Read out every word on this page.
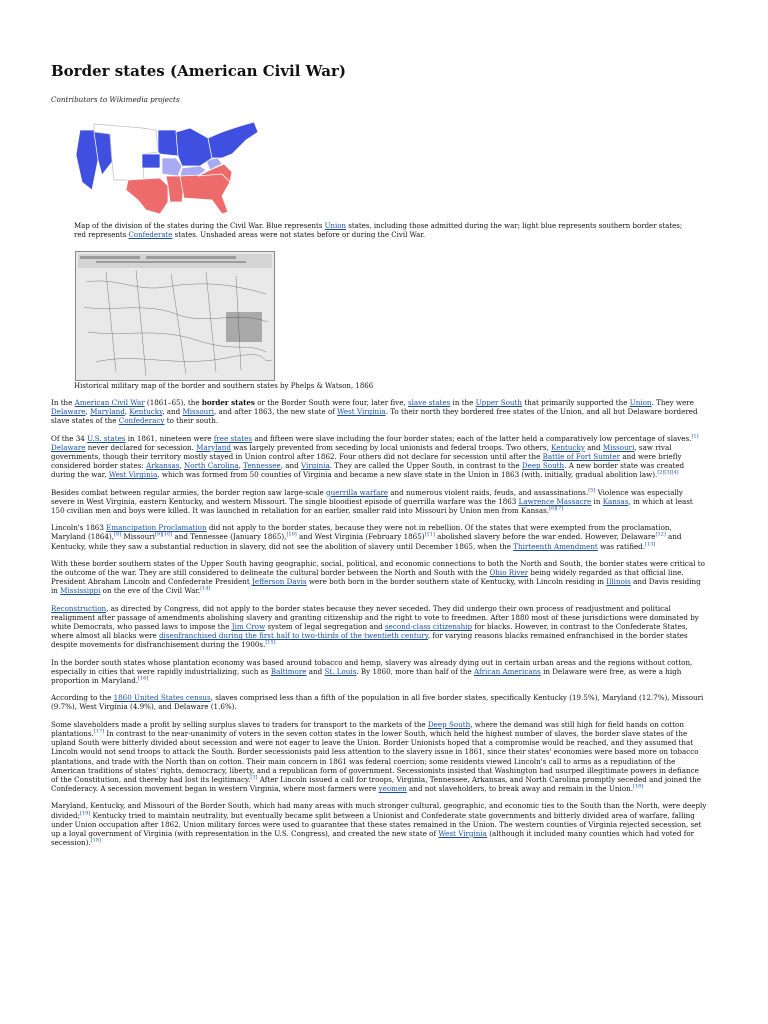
Border states (American Civil War)
Contributors to Wikimedia projects
Map of the division of the states during the Civil War. Blue represents Union states, including those admitted during the war; light blue represents southern border states; red represents Confederate states. Unshaded areas were not states before or during the Civil War.
Historical military map of the border and southern states by Phelps & Watson, 1866

In the American Civil War (1861–65), the border states or the Border South were four, later five, slave states in the Upper South that primarily supported the Union. They were Delaware, Maryland, Kentucky, and Missouri, and after 1863, the new state of West Virginia. To their north they bordered free states of the Union, and all but Delaware bordered slave states of the Confederacy to their south.

Of the 34 U.S. states in 1861, nineteen were free states and fifteen were slave including the four border states; each of the latter held a comparatively low percentage of slaves.[1] Delaware never declared for secession. Maryland was largely prevented from seceding by local unionists and federal troops. Two others, Kentucky and Missouri, saw rival governments, though their territory mostly stayed in Union control after 1862. Four others did not declare for secession until after the Battle of Fort Sumter and were briefly considered border states: Arkansas, North Carolina, Tennessee, and Virginia. They are called the Upper South, in contrast to the Deep South. A new border state was created during the war, West Virginia, which was formed from 50 counties of Virginia and became a new slave state in the Union in 1863 (with, initially, gradual abolition law).[2][3][4]

Besides combat between regular armies, the border region saw large-scale guerrilla warfare and numerous violent raids, feuds, and assassinations.[5] Violence was especially severe in West Virginia, eastern Kentucky, and western Missouri. The single bloodiest episode of guerrilla warfare was the 1863 Lawrence Massacre in Kansas, in which at least 150 civilian men and boys were killed. It was launched in retaliation for an earlier, smaller raid into Missouri by Union men from Kansas.[6][7]

Lincoln's 1863 Emancipation Proclamation did not apply to the border states, because they were not in rebellion. Of the states that were exempted from the proclamation, Maryland (1864),[8] Missouri[9][10] and Tennessee (January 1865),[10] and West Virginia (February 1865)[11] abolished slavery before the war ended. However, Delaware[12] and Kentucky, while they saw a substantial reduction in slavery, did not see the abolition of slavery until December 1865, when the Thirteenth Amendment was ratified.[13]

With these border southern states of the Upper South having geographic, social, political, and economic connections to both the North and South, the border states were critical to the outcome of the war. They are still considered to delineate the cultural border between the North and South with the Ohio River being widely regarded as that official line. President Abraham Lincoln and Confederate President Jefferson Davis were both born in the border southern state of Kentucky, with Lincoln residing in Illinois and Davis residing in Mississippi on the eve of the Civil War.[14]

Reconstruction, as directed by Congress, did not apply to the border states because they never seceded. They did undergo their own process of readjustment and political realignment after passage of amendments abolishing slavery and granting citizenship and the right to vote to freedmen. After 1880 most of these jurisdictions were dominated by white Democrats, who passed laws to impose the Jim Crow system of legal segregation and second-class citizenship for blacks. However, in contrast to the Confederate States, where almost all blacks were disenfranchised during the first half to two-thirds of the twentieth century, for varying reasons blacks remained enfranchised in the border states despite movements for disfranchisement during the 1900s.[15]

In the border south states whose plantation economy was based around tobacco and hemp, slavery was already dying out in certain urban areas and the regions without cotton, especially in cities that were rapidly industrializing, such as Baltimore and St. Louis. By 1860, more than half of the African Americans in Delaware were free, as were a high proportion in Maryland.[16]

According to the 1860 United States census, slaves comprised less than a fifth of the population in all five border states, specifically Kentucky (19.5%), Maryland (12.7%), Missouri (9.7%), West Virginia (4.9%), and Delaware (1.6%).

Some slaveholders made a profit by selling surplus slaves to traders for transport to the markets of the Deep South, where the demand was still high for field hands on cotton plantations.[17] In contrast to the near-unanimity of voters in the seven cotton states in the lower South, which held the highest number of slaves, the border slave states of the upland South were bitterly divided about secession and were not eager to leave the Union. Border Unionists hoped that a compromise would be reached, and they assumed that Lincoln would not send troops to attack the South. Border secessionists paid less attention to the slavery issue in 1861, since their states' economies were based more on tobacco plantations, and trade with the North than on cotton. Their main concern in 1861 was federal coercion; some residents viewed Lincoln's call to arms as a repudiation of the American traditions of states' rights, democracy, liberty, and a republican form of government. Secessionists insisted that Washington had usurped illegitimate powers in defiance of the Constitution, and thereby had lost its legitimacy.[3] After Lincoln issued a call for troops, Virginia, Tennessee, Arkansas, and North Carolina promptly seceded and joined the Confederacy. A secession movement began in western Virginia, where most farmers were yeomen and not slaveholders, to break away and remain in the Union.[18]

Maryland, Kentucky, and Missouri of the Border South, which had many areas with much stronger cultural, geographic, and economic ties to the South than the North, were deeply divided;[19] Kentucky tried to maintain neutrality, but eventually became split between a Unionist and Confederate state governments and bitterly divided area of warfare, falling under Union occupation after 1862. Union military forces were used to guarantee that these states remained in the Union. The western counties of Virginia rejected secession, set up a loyal government of Virginia (with representation in the U.S. Congress), and created the new state of West Virginia (although it included many counties which had voted for secession).[18]
